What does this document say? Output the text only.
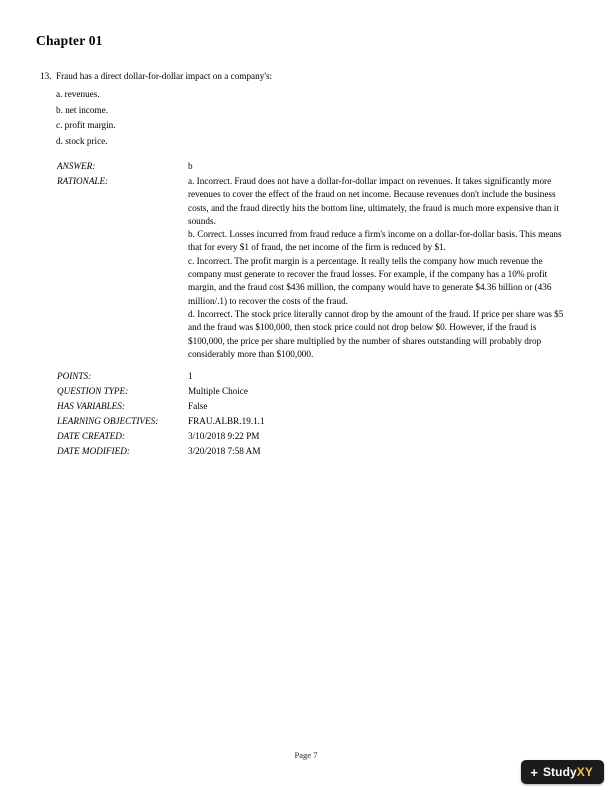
Chapter 01

13. Fraud has a direct dollar-for-dollar impact on a company's:

a. revenues.
b. net income.
c. profit margin.
d. stock price.
ANSWER:	b
RATIONALE:	a. Incorrect. Fraud does not have a dollar-for-dollar impact on revenues. It takes significantly more revenues to cover the effect of the fraud on net income. Because revenues don't include the business costs, and the fraud directly hits the bottom line, ultimately, the fraud is much more expensive than it sounds.

b. Correct. Losses incurred from fraud reduce a firm's income on a dollar-for-dollar basis. This means that for every $1 of fraud, the net income of the firm is reduced by $1.

c. Incorrect. The profit margin is a percentage. It really tells the company how much revenue the company must generate to recover the fraud losses. For example, if the company has a 10% profit margin, and the fraud cost $436 million, the company would have to generate $4.36 billion or (436 million/.1) to recover the costs of the fraud.

d. Incorrect. The stock price literally cannot drop by the amount of the fraud. If price per share was $5 and the fraud was $100,000, then stock price could not drop below $0. However, if the fraud is $100,000, the price per share multiplied by the number of shares outstanding will probably drop considerably more than $100,000.

POINTS:	1
QUESTION TYPE:	Multiple Choice
HAS VARIABLES:	False
LEARNING OBJECTIVES:	FRAU.ALBR.19.1.1
DATE CREATED:	3/10/2018 9:22 PM
DATE MODIFIED:	3/20/2018 7:58 AM
Page 7
+ StudyXY
